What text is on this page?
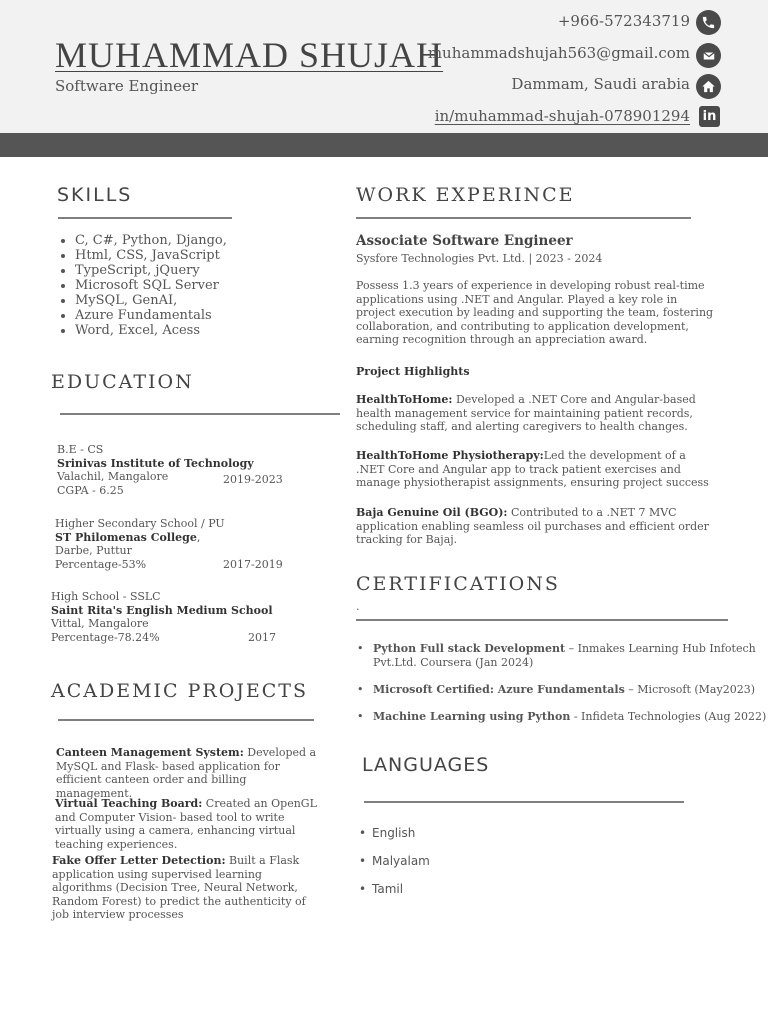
MUHAMMAD SHUJAH
Software Engineer
+966-572343719
muhammadshujah563@gmail.com
Dammam, Saudi arabia
in/muhammad-shujah-078901294 in
SKILLS
• C, C#, Python, Django,
• Html, CSS, JavaScript
• TypeScript, jQuery
• Microsoft SQL Server
• MySQL, GenAI,
• Azure Fundamentals
• Word, Excel, Acess
EDUCATION
B.E - CS
Srinivas Institute of Technology
Valachil, Mangalore
CGPA - 6.25
2019-2023
Higher Secondary School / PU
ST Philomenas College,
Darbe, Puttur
Percentage-53%	2017-2019
High School - SSLC
Saint Rita's English Medium School
Vittal, Mangalore
Percentage-78.24%	2017
ACADEMIC PROJECTS
Canteen Management System: Developed a MySQL and Flask- based application for efficient canteen order and billing management.
Virtual Teaching Board: Created an OpenGL and Computer Vision- based tool to write virtually using a camera, enhancing virtual teaching experiences.
Fake Offer Letter Detection: Built a Flask application using supervised learning algorithms (Decision Tree, Neural Network, Random Forest) to predict the authenticity of job interview processes
WORK EXPERINCE
Associate Software Engineer
Sysfore Technologies Pvt. Ltd. | 2023 - 2024
Possess 1.3 years of experience in developing robust real-time applications using .NET and Angular. Played a key role in project execution by leading and supporting the team, fostering collaboration, and contributing to application development, earning recognition through an appreciation award.
Project Highlights
HealthToHome: Developed a .NET Core and Angular-based health management service for maintaining patient records, scheduling staff, and alerting caregivers to health changes.
HealthToHome Physiotherapy:Led the development of a .NET Core and Angular app to track patient exercises and manage physiotherapist assignments, ensuring project success
Baja Genuine Oil (BGO): Contributed to a .NET 7 MVC application enabling seamless oil purchases and efficient order tracking for Bajaj.
CERTIFICATIONS
.
• Python Full stack Development – Inmakes Learning Hub Infotech Pvt.Ltd. Coursera (Jan 2024)
• Microsoft Certified: Azure Fundamentals – Microsoft (May2023)
• Machine Learning using Python - Infideta Technologies (Aug 2022)
LANGUAGES
• English
• Malyalam
• Tamil
